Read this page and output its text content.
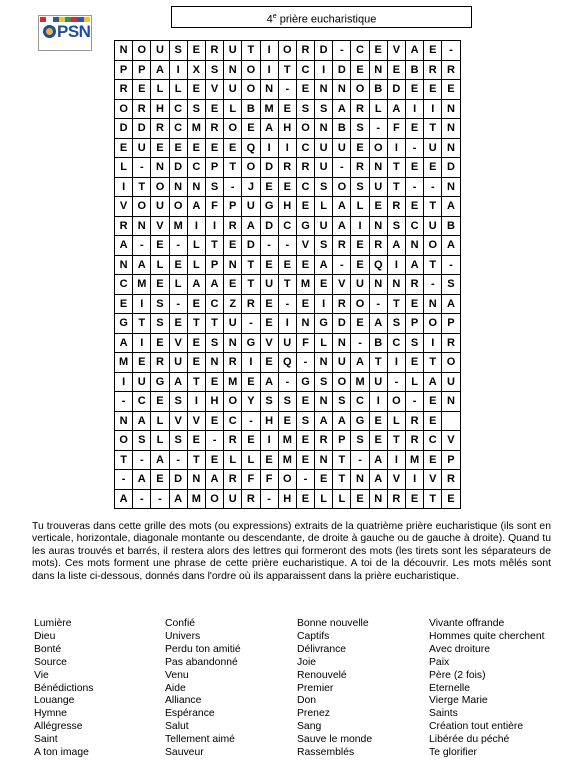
PSN
4e prière eucharistique
N	O	U	S	E	R	U	T	I	O	R	D	-	C	E	V	A	E	-
P	P	A	I	X	S	N	O	I	T	C	I	D	E	N	E	B	R	R
R	E	L	L	E	V	U	O	N	-	E	N	N	O	B	D	E	E	E
O	R	H	C	S	E	L	B	M	E	S	S	A	R	L	A	I	I	N
D	D	R	C	M	R	O	E	A	H	O	N	B	S	-	F	E	T	N
E	U	E	E	E	E	E	Q	I	I	C	U	U	E	O	I	-	U	N
L	-	N	D	C	P	T	O	D	R	R	U	-	R	N	T	E	E	D
I	T	O	N	N	S	-	J	E	E	C	S	O	S	U	T	-	-	N
V	O	U	O	A	F	P	U	G	H	E	L	A	L	E	R	E	T	A
R	N	V	M	I	I	R	A	D	C	G	U	A	I	N	S	C	U	B
A	-	E	-	L	T	E	D	-	-	V	S	R	E	R	A	N	O	A
N	A	L	E	L	P	N	T	E	E	E	A	-	E	Q	I	A	T	-
C	M	E	L	A	A	E	T	U	T	M	E	V	U	N	N	R	-	S
E	I	S	-	E	C	Z	R	E	-	E	I	R	O	-	T	E	N	A
G	T	S	E	T	T	U	-	E	I	N	G	D	E	A	S	P	O	P
A	I	E	V	E	S	N	G	V	U	F	L	N	-	B	C	S	I	R
M	E	R	U	E	N	R	I	E	Q	-	N	U	A	T	I	E	T	O
I	U	G	A	T	E	M	E	A	-	G	S	O	M	U	-	L	A	U
-	C	E	S	I	H	O	Y	S	S	E	N	S	C	I	O	-	E	N
N	A	L	V	V	E	C	-	H	E	S	A	A	G	E	L	R	E	
O	S	L	S	E	-	R	E	I	M	E	R	P	S	E	T	R	C	V
T	-	A	-	T	E	L	L	E	M	E	N	T	-	A	I	M	E	P
-	A	E	D	N	A	R	F	F	O	-	E	T	N	A	V	I	V	R
A	-	-	A	M	O	U	R	-	H	E	L	L	E	N	R	E	T	E
Tu trouveras dans cette grille des mots (ou expressions) extraits de la quatrième prière eucharistique (ils sont en verticale, horizontale, diagonale montante ou descendante, de droite à gauche ou de gauche à droite). Quand tu les auras trouvés et barrés, il restera alors des lettres qui formeront des mots (les tirets sont les séparateurs de mots). Ces mots forment une phrase de cette prière eucharistique. A toi de la découvrir. Les mots mêlés sont dans la liste ci-dessous, donnés dans l'ordre où ils apparaissent dans la prière eucharistique.
Lumière
Dieu
Bonté
Source
Vie
Bénédictions
Louange
Hymne
Allégresse
Saint
A ton image
Confié
Univers
Perdu ton amitié
Pas abandonné
Venu
Aide
Alliance
Espérance
Salut
Tellement aimé
Sauveur
Bonne nouvelle
Captifs
Délivrance
Joie
Renouvelé
Premier
Don
Prenez
Sang
Sauve le monde
Rassemblés
Vivante offrande
Hommes quite cherchent
Avec droiture
Paix
Père (2 fois)
Eternelle
Vierge Marie
Saints
Création tout entière
Libérée du péché
Te glorifier
